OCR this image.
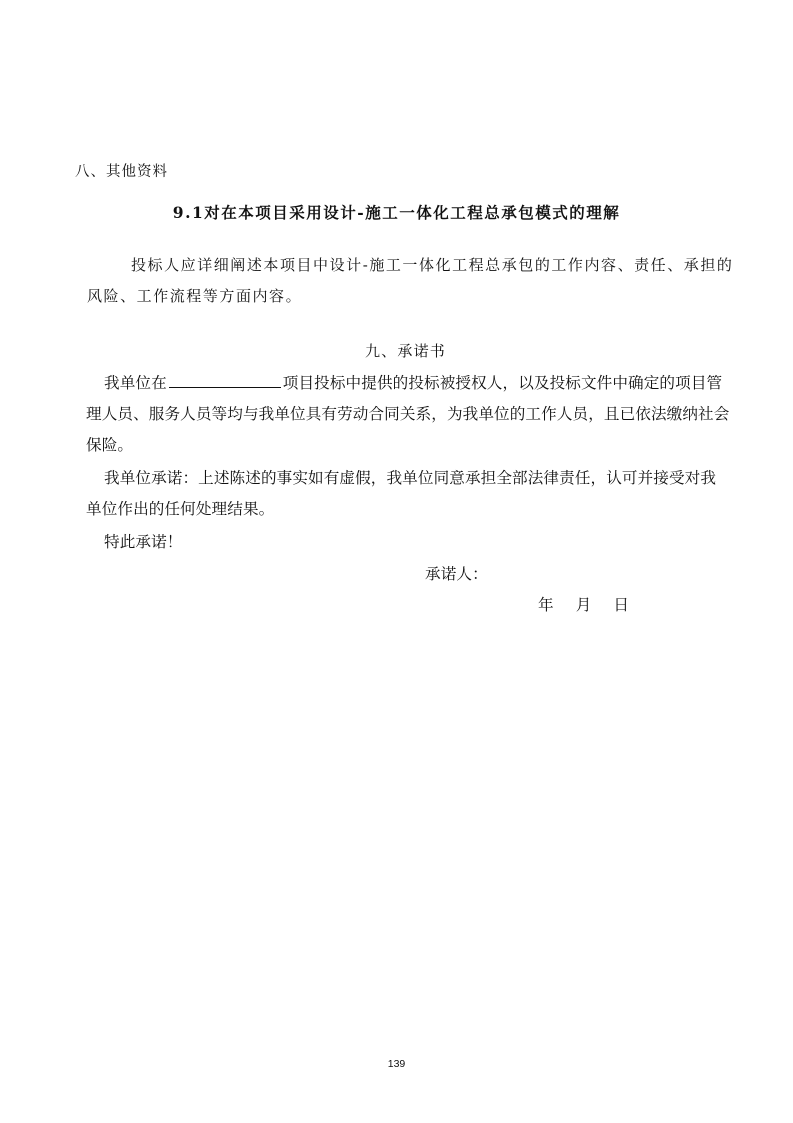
八、其他资料
9.1对在本项目采用设计-施工一体化工程总承包模式的理解
投标人应详细阐述本项目中设计-施工一体化工程总承包的工作内容、责任、承担的
风险、工作流程等方面内容。
九、承诺书
我单位在	项目投标中提供的投标被授权人，以及投标文件中确定的项目管
理人员、服务人员等均与我单位具有劳动合同关系，为我单位的工作人员，且已依法缴纳社会
保险。
我单位承诺：上述陈述的事实如有虚假，我单位同意承担全部法律责任，认可并接受对我
单位作出的任何处理结果。
特此承诺！
承诺人：
年 月 日
139
